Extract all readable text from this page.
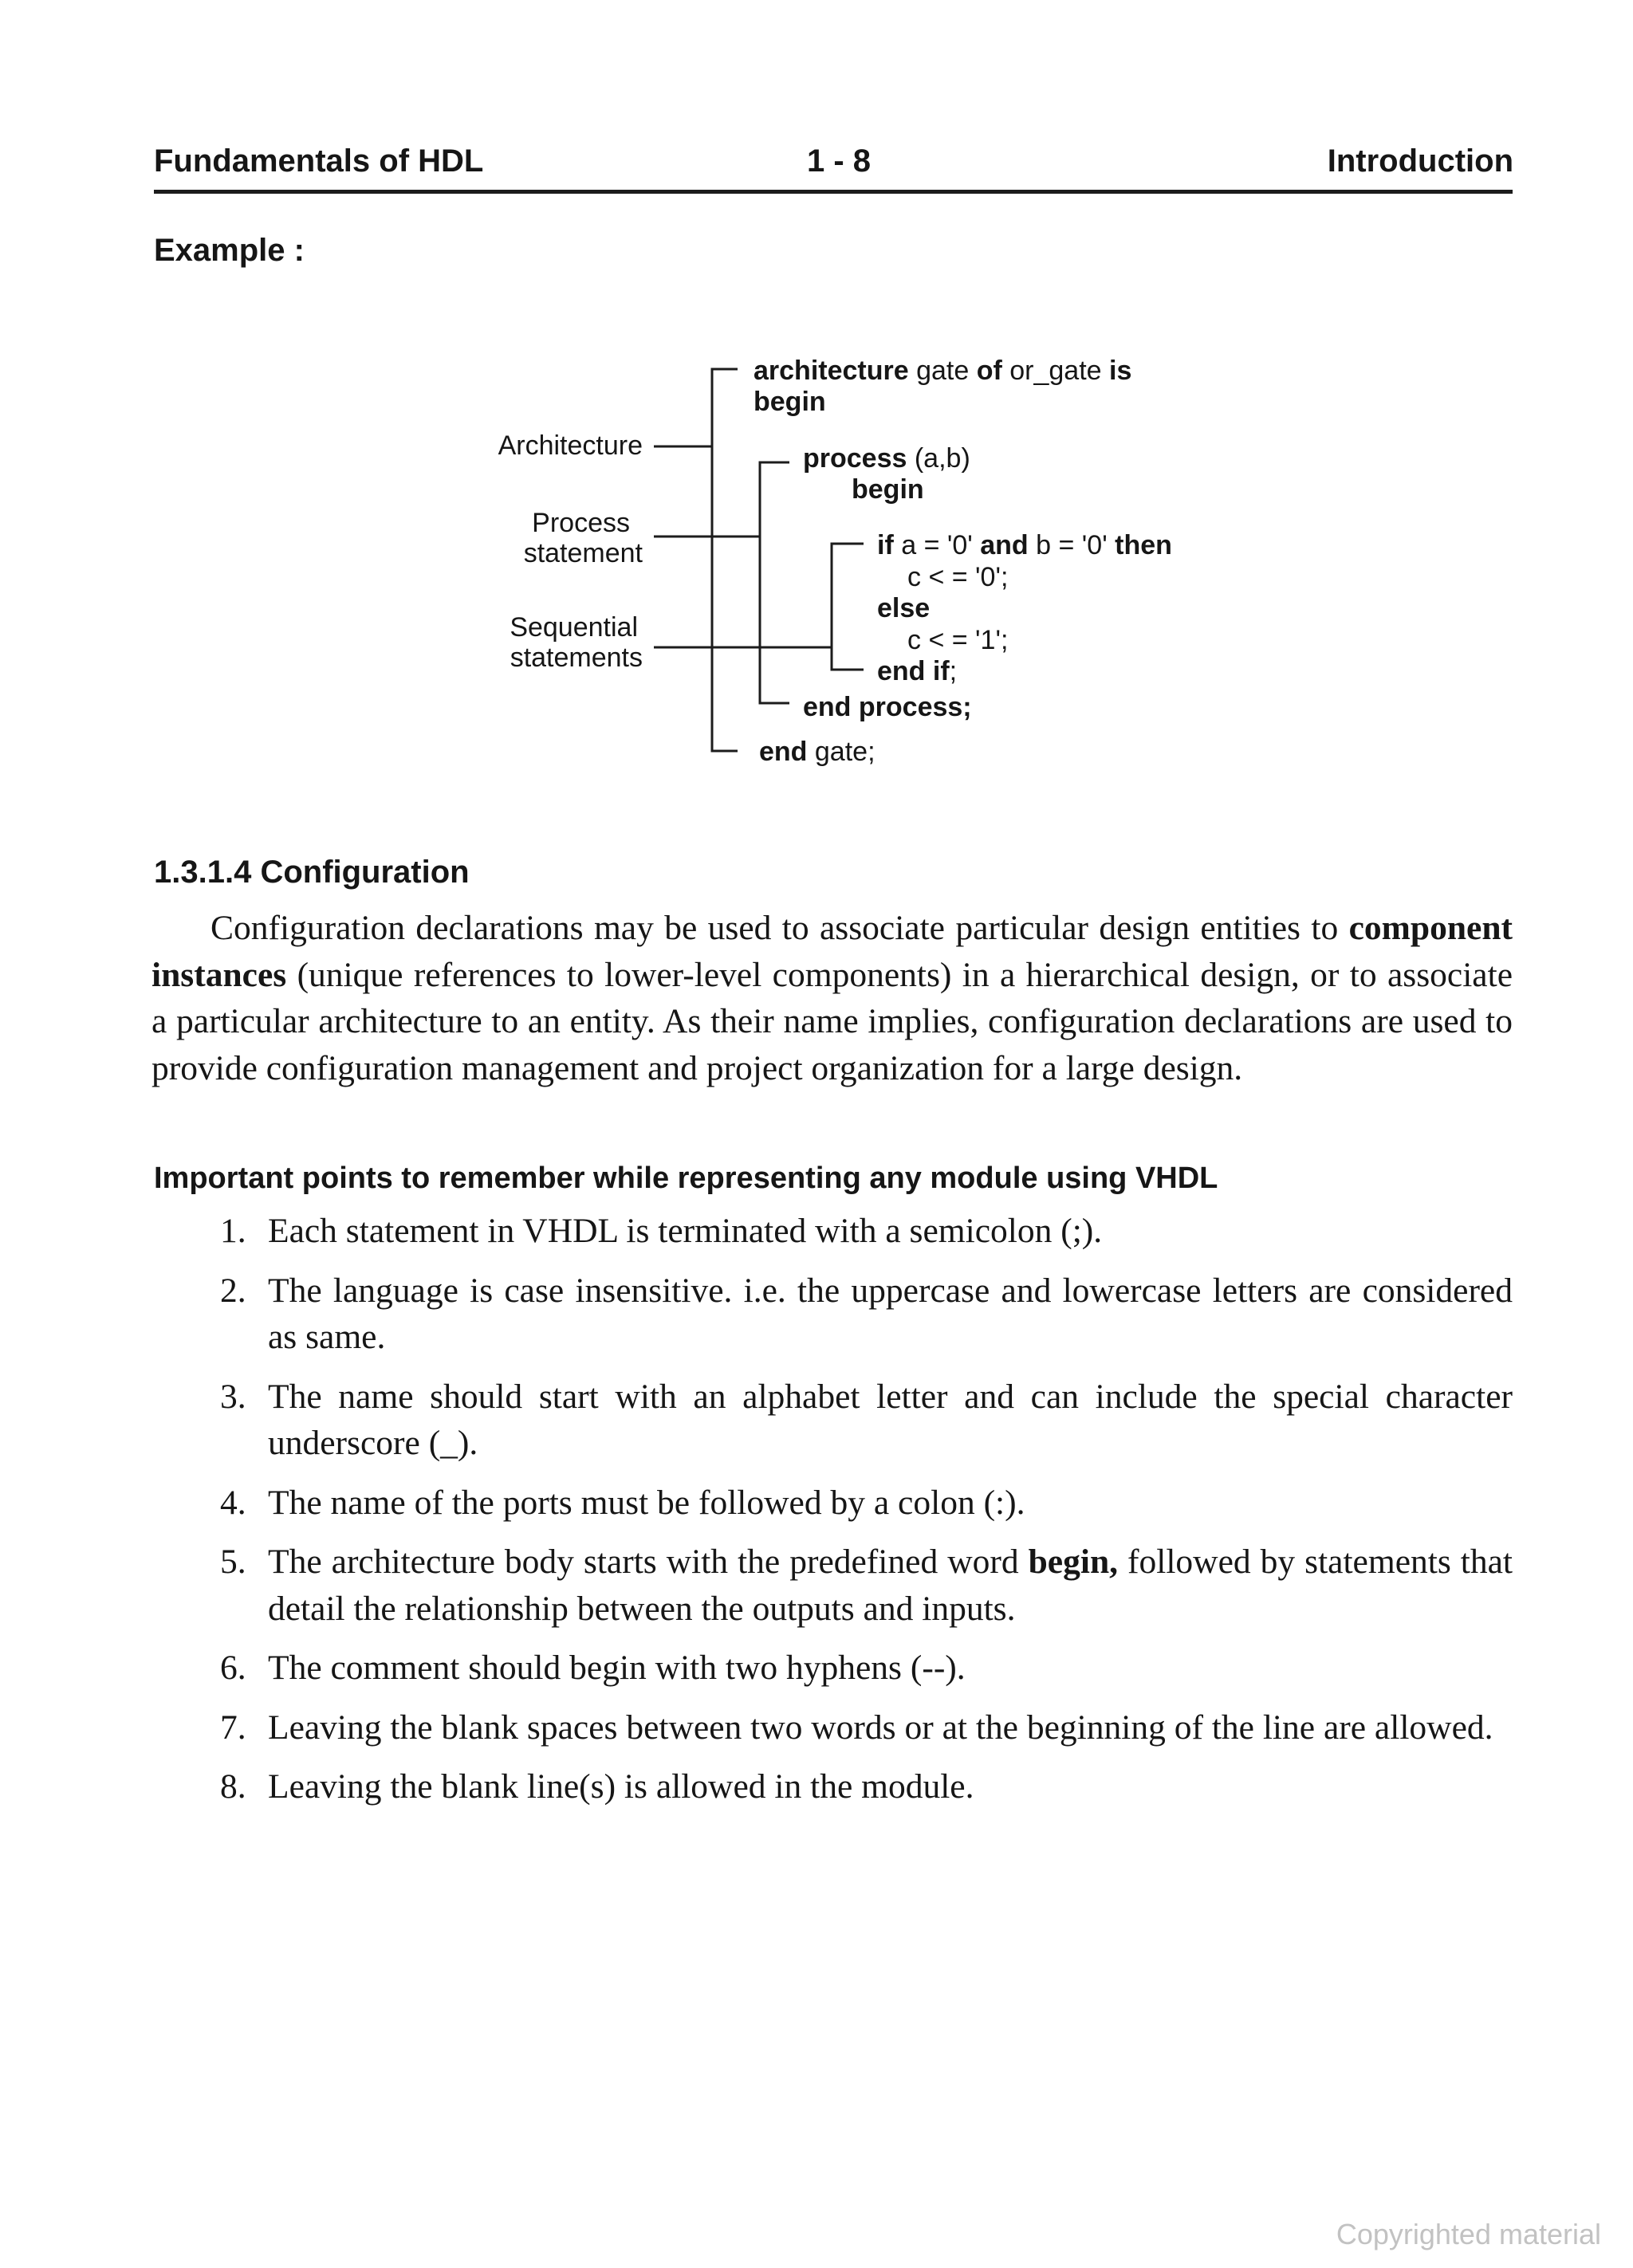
Fundamentals of HDL	1 - 8	Introduction
Example :
Architecture
Process
statement
Sequential
statements
architecture gate of or_gate is
begin
process (a,b)
begin
if a = '0' and b = '0' then
c < = '0';
else
c < = '1';
end if;
end process;
end gate;
1.3.1.4 Configuration
Configuration declarations may be used to associate particular design entities to component instances (unique references to lower-level components) in a hierarchical design, or to associate a particular architecture to an entity. As their name implies, configuration declarations are used to provide configuration management and project organization for a large design.
Important points to remember while representing any module using VHDL
1. Each statement in VHDL is terminated with a semicolon (;).
2. The language is case insensitive. i.e. the uppercase and lowercase letters are considered as same.
3. The name should start with an alphabet letter and can include the special character underscore (_).
4. The name of the ports must be followed by a colon (:).
5. The architecture body starts with the predefined word begin, followed by statements that detail the relationship between the outputs and inputs.
6. The comment should begin with two hyphens (--).
7. Leaving the blank spaces between two words or at the beginning of the line are allowed.
8. Leaving the blank line(s) is allowed in the module.
Copyrighted material
